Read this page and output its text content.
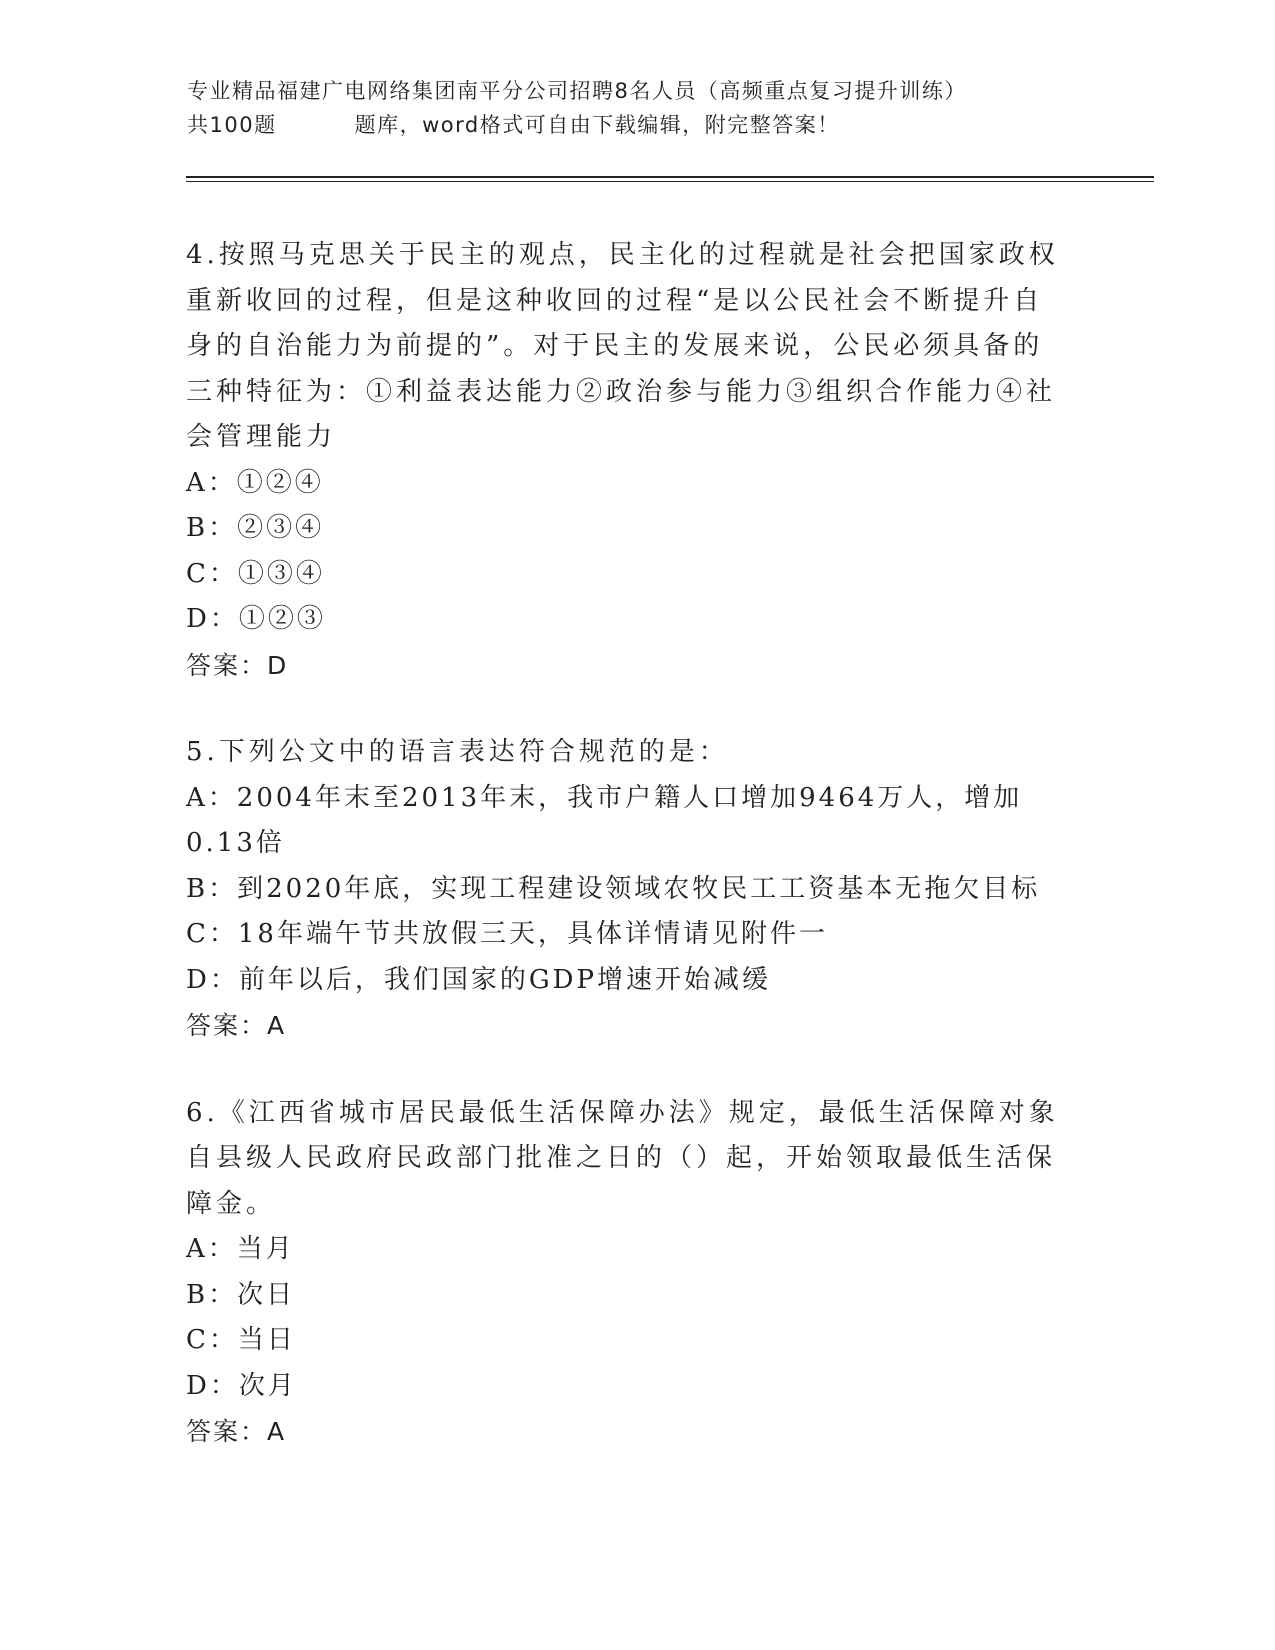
专业精品福建广电网络集团南平分公司招聘8名人员（高频重点复习提升训练）
共100题	题库，word格式可自由下载编辑，附完整答案！

4.按照马克思关于民主的观点，民主化的过程就是社会把国家政权重新收回的过程，但是这种收回的过程“是以公民社会不断提升自身的自治能力为前提的”。对于民主的发展来说，公民必须具备的三种特征为：①利益表达能力②政治参与能力③组织合作能力④社会管理能力

A：①②④

B：②③④

C：①③④

D：①②③

答案：D

5.下列公文中的语言表达符合规范的是：

A：2004年末至2013年末，我市户籍人口增加9464万人，增加0.13倍

B：到2020年底，实现工程建设领域农牧民工工资基本无拖欠目标

C：18年端午节共放假三天，具体详情请见附件一

D：前年以后，我们国家的GDP增速开始减缓

答案：A

6.《江西省城市居民最低生活保障办法》规定，最低生活保障对象自县级人民政府民政部门批准之日的（）起，开始领取最低生活保障金。

A：当月

B：次日

C：当日

D：次月

答案：A
